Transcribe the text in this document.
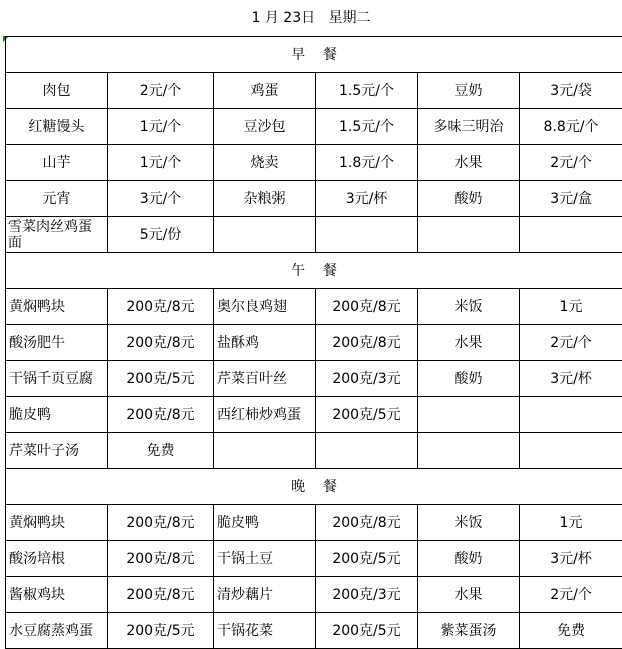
1 月 23日   星期二
早    餐					
肉包	2元/个	鸡蛋	1.5元/个	豆奶	3元/袋
红糖馒头	1元/个	豆沙包	1.5元/个	多味三明治	8.8元/个
山芋	1元/个	烧卖	1.8元/个	水果	2元/个
元宵	3元/个	杂粮粥	3元/杯	酸奶	3元/盒
雪菜肉丝鸡蛋面	5元/份				
午    餐					
黄焖鸭块	200克/8元	奥尔良鸡翅	200克/8元	米饭	1元
酸汤肥牛	200克/8元	盐酥鸡	200克/8元	水果	2元/个
干锅千页豆腐	200克/5元	芹菜百叶丝	200克/3元	酸奶	3元/杯
脆皮鸭	200克/8元	西红柿炒鸡蛋	200克/5元		
芹菜叶子汤	免费				
晚    餐					
黄焖鸭块	200克/8元	脆皮鸭	200克/8元	米饭	1元
酸汤培根	200克/8元	干锅土豆	200克/5元	酸奶	3元/杯
酱椒鸡块	200克/8元	清炒藕片	200克/3元	水果	2元/个
水豆腐蒸鸡蛋	200克/5元	干锅花菜	200克/5元	紫菜蛋汤	免费
